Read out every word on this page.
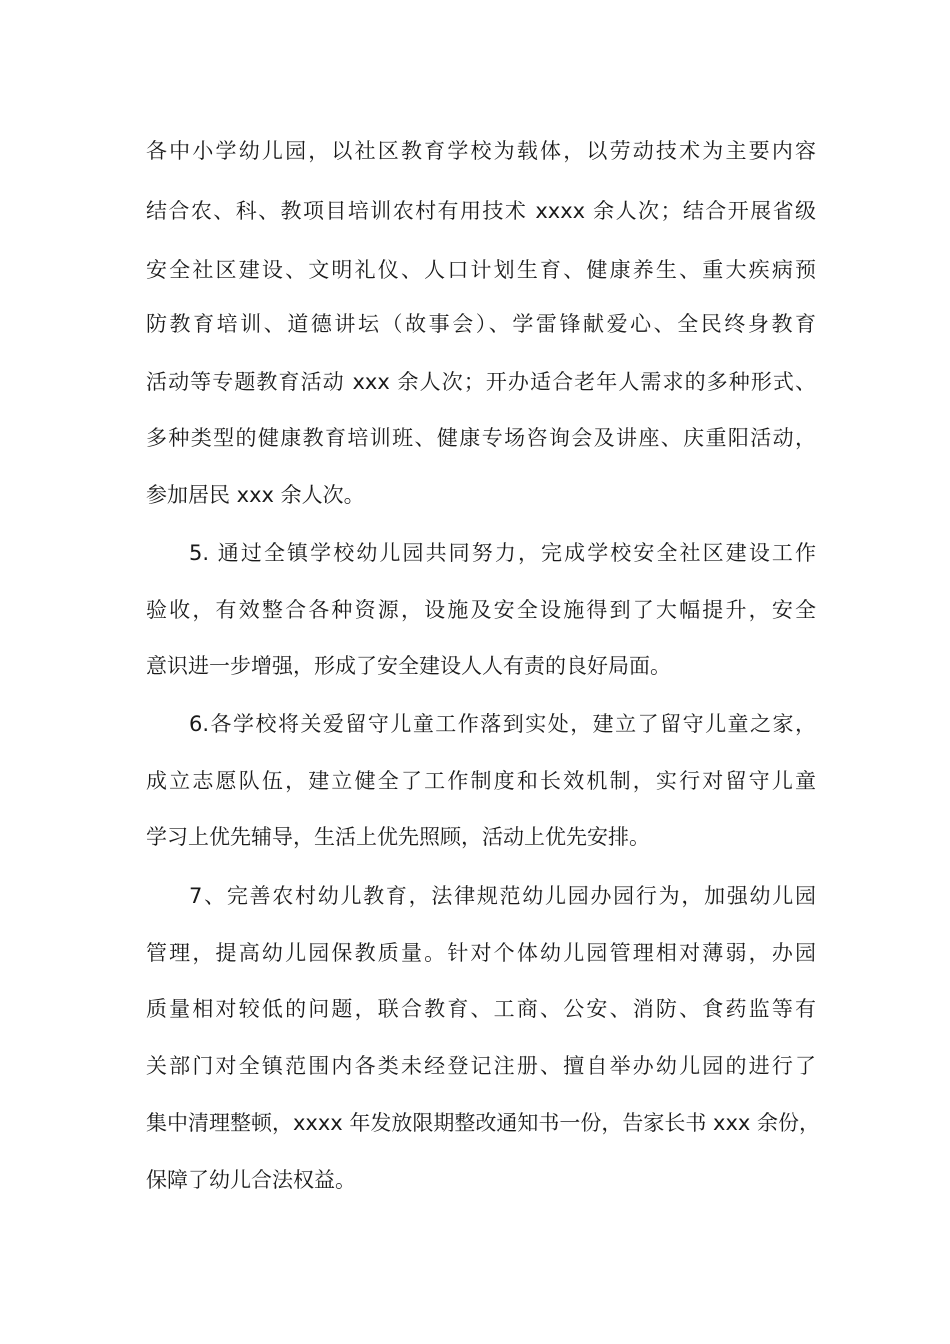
各中小学幼儿园，以社区教育学校为载体，以劳动技术为主要内容

结合农、科、教项目培训农村有用技术 xxxx 余人次；结合开展省级

安全社区建设、文明礼仪、人口计划生育、健康养生、重大疾病预

防教育培训、道德讲坛（故事会）、学雷锋献爱心、全民终身教育

活动等专题教育活动 xxx 余人次；开办适合老年人需求的多种形式、

多种类型的健康教育培训班、健康专场咨询会及讲座、庆重阳活动，

参加居民 xxx 余人次。

5. 通过全镇学校幼儿园共同努力，完成学校安全社区建设工作

验收，有效整合各种资源，设施及安全设施得到了大幅提升，安全

意识进一步增强，形成了安全建设人人有责的良好局面。

6.各学校将关爱留守儿童工作落到实处，建立了留守儿童之家，

成立志愿队伍，建立健全了工作制度和长效机制，实行对留守儿童

学习上优先辅导，生活上优先照顾，活动上优先安排。

7、完善农村幼儿教育，法律规范幼儿园办园行为，加强幼儿园

管理，提高幼儿园保教质量。针对个体幼儿园管理相对薄弱，办园

质量相对较低的问题，联合教育、工商、公安、消防、食药监等有

关部门对全镇范围内各类未经登记注册、擅自举办幼儿园的进行了

集中清理整顿，xxxx 年发放限期整改通知书一份，告家长书 xxx 余份，

保障了幼儿合法权益。
